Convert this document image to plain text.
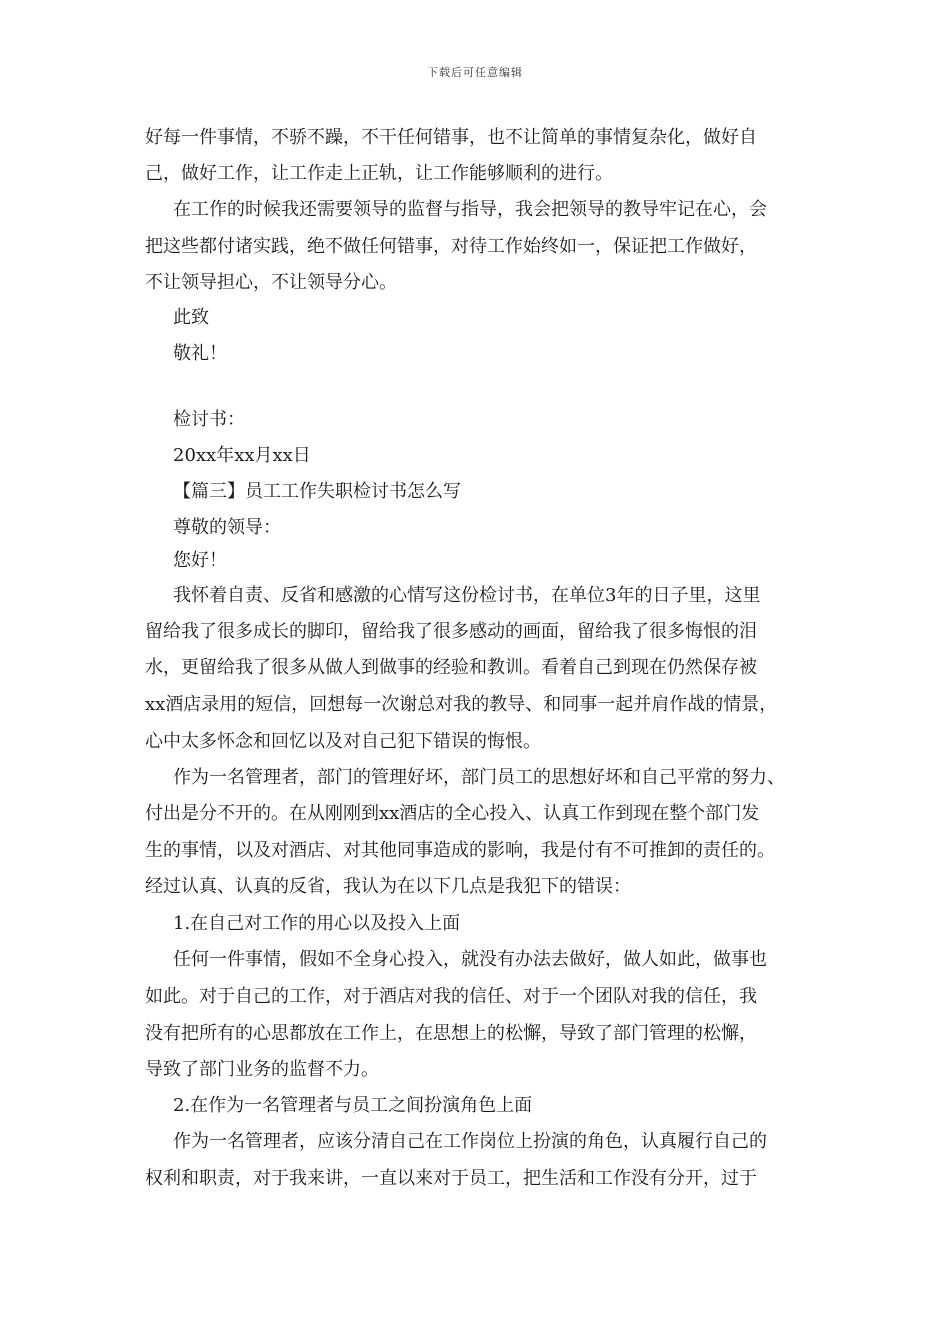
下载后可任意编辑
好每一件事情，不骄不躁，不干任何错事，也不让简单的事情复杂化，做好自
己，做好工作，让工作走上正轨，让工作能够顺利的进行。
在工作的时候我还需要领导的监督与指导，我会把领导的教导牢记在心，会
把这些都付诸实践，绝不做任何错事，对待工作始终如一，保证把工作做好，
不让领导担心，不让领导分心。
此致
敬礼！
检讨书：
20xx年xx月xx日
【篇三】员工工作失职检讨书怎么写
尊敬的领导：
您好！
我怀着自责、反省和感激的心情写这份检讨书，在单位3年的日子里，这里
留给我了很多成长的脚印，留给我了很多感动的画面，留给我了很多悔恨的泪
水，更留给我了很多从做人到做事的经验和教训。看着自己到现在仍然保存被
xx酒店录用的短信，回想每一次谢总对我的教导、和同事一起并肩作战的情景，
心中太多怀念和回忆以及对自己犯下错误的悔恨。
作为一名管理者，部门的管理好坏，部门员工的思想好坏和自己平常的努力、
付出是分不开的。在从刚刚到xx酒店的全心投入、认真工作到现在整个部门发
生的事情，以及对酒店、对其他同事造成的影响，我是付有不可推卸的责任的。
经过认真、认真的反省，我认为在以下几点是我犯下的错误：
1.在自己对工作的用心以及投入上面
任何一件事情，假如不全身心投入，就没有办法去做好，做人如此，做事也
如此。对于自己的工作，对于酒店对我的信任、对于一个团队对我的信任，我
没有把所有的心思都放在工作上，在思想上的松懈，导致了部门管理的松懈，
导致了部门业务的监督不力。
2.在作为一名管理者与员工之间扮演角色上面
作为一名管理者，应该分清自己在工作岗位上扮演的角色，认真履行自己的
权利和职责，对于我来讲，一直以来对于员工，把生活和工作没有分开，过于
